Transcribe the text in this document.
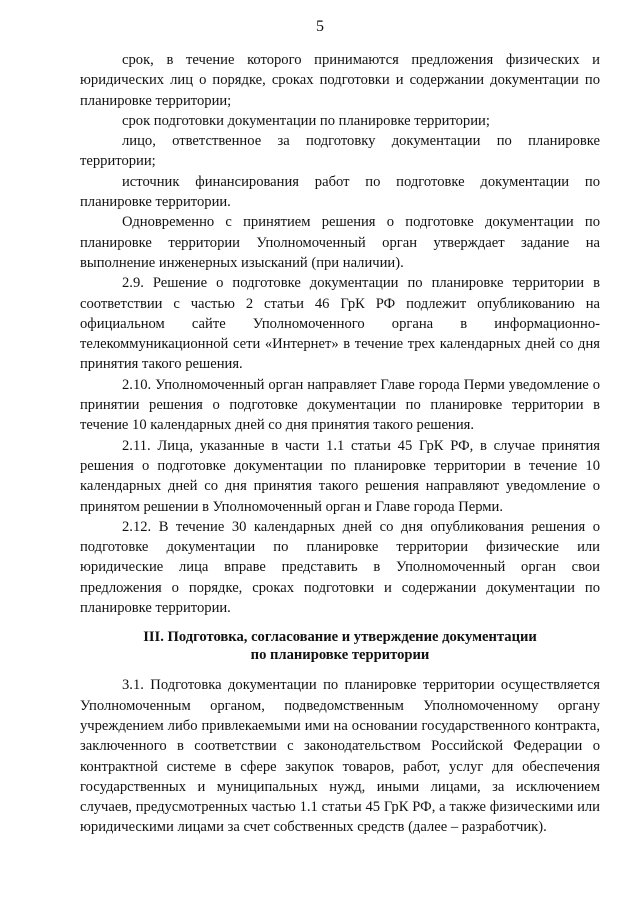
5

срок, в течение которого принимаются предложения физических и юридических лиц о порядке, сроках подготовки и содержании документации по планировке территории;

срок подготовки документации по планировке территории;

лицо, ответственное за подготовку документации по планировке территории;

источник финансирования работ по подготовке документации по планировке территории.

Одновременно с принятием решения о подготовке документации по планировке территории Уполномоченный орган утверждает задание на выполнение инженерных изысканий (при наличии).

2.9. Решение о подготовке документации по планировке территории в соответствии с частью 2 статьи 46 ГрК РФ подлежит опубликованию на официальном сайте Уполномоченного органа в информационно-телекоммуникационной сети «Интернет» в течение трех календарных дней со дня принятия такого решения.

2.10. Уполномоченный орган направляет Главе города Перми уведомление о принятии решения о подготовке документации по планировке территории в течение 10 календарных дней со дня принятия такого решения.

2.11. Лица, указанные в части 1.1 статьи 45 ГрК РФ, в случае принятия решения о подготовке документации по планировке территории в течение 10 календарных дней со дня принятия такого решения направляют уведомление о принятом решении в Уполномоченный орган и Главе города Перми.

2.12. В течение 30 календарных дней со дня опубликования решения о подготовке документации по планировке территории физические или юридические лица вправе представить в Уполномоченный орган свои предложения о порядке, сроках подготовки и содержании документации по планировке территории.

III. Подготовка, согласование и утверждение документации
по планировке территории

3.1. Подготовка документации по планировке территории осуществляется Уполномоченным органом, подведомственным Уполномоченному органу учреждением либо привлекаемыми ими на основании государственного контракта, заключенного в соответствии с законодательством Российской Федерации о контрактной системе в сфере закупок товаров, работ, услуг для обеспечения государственных и муниципальных нужд, иными лицами, за исключением случаев, предусмотренных частью 1.1 статьи 45 ГрК РФ, а также физическими или юридическими лицами за счет собственных средств (далее – разработчик).
